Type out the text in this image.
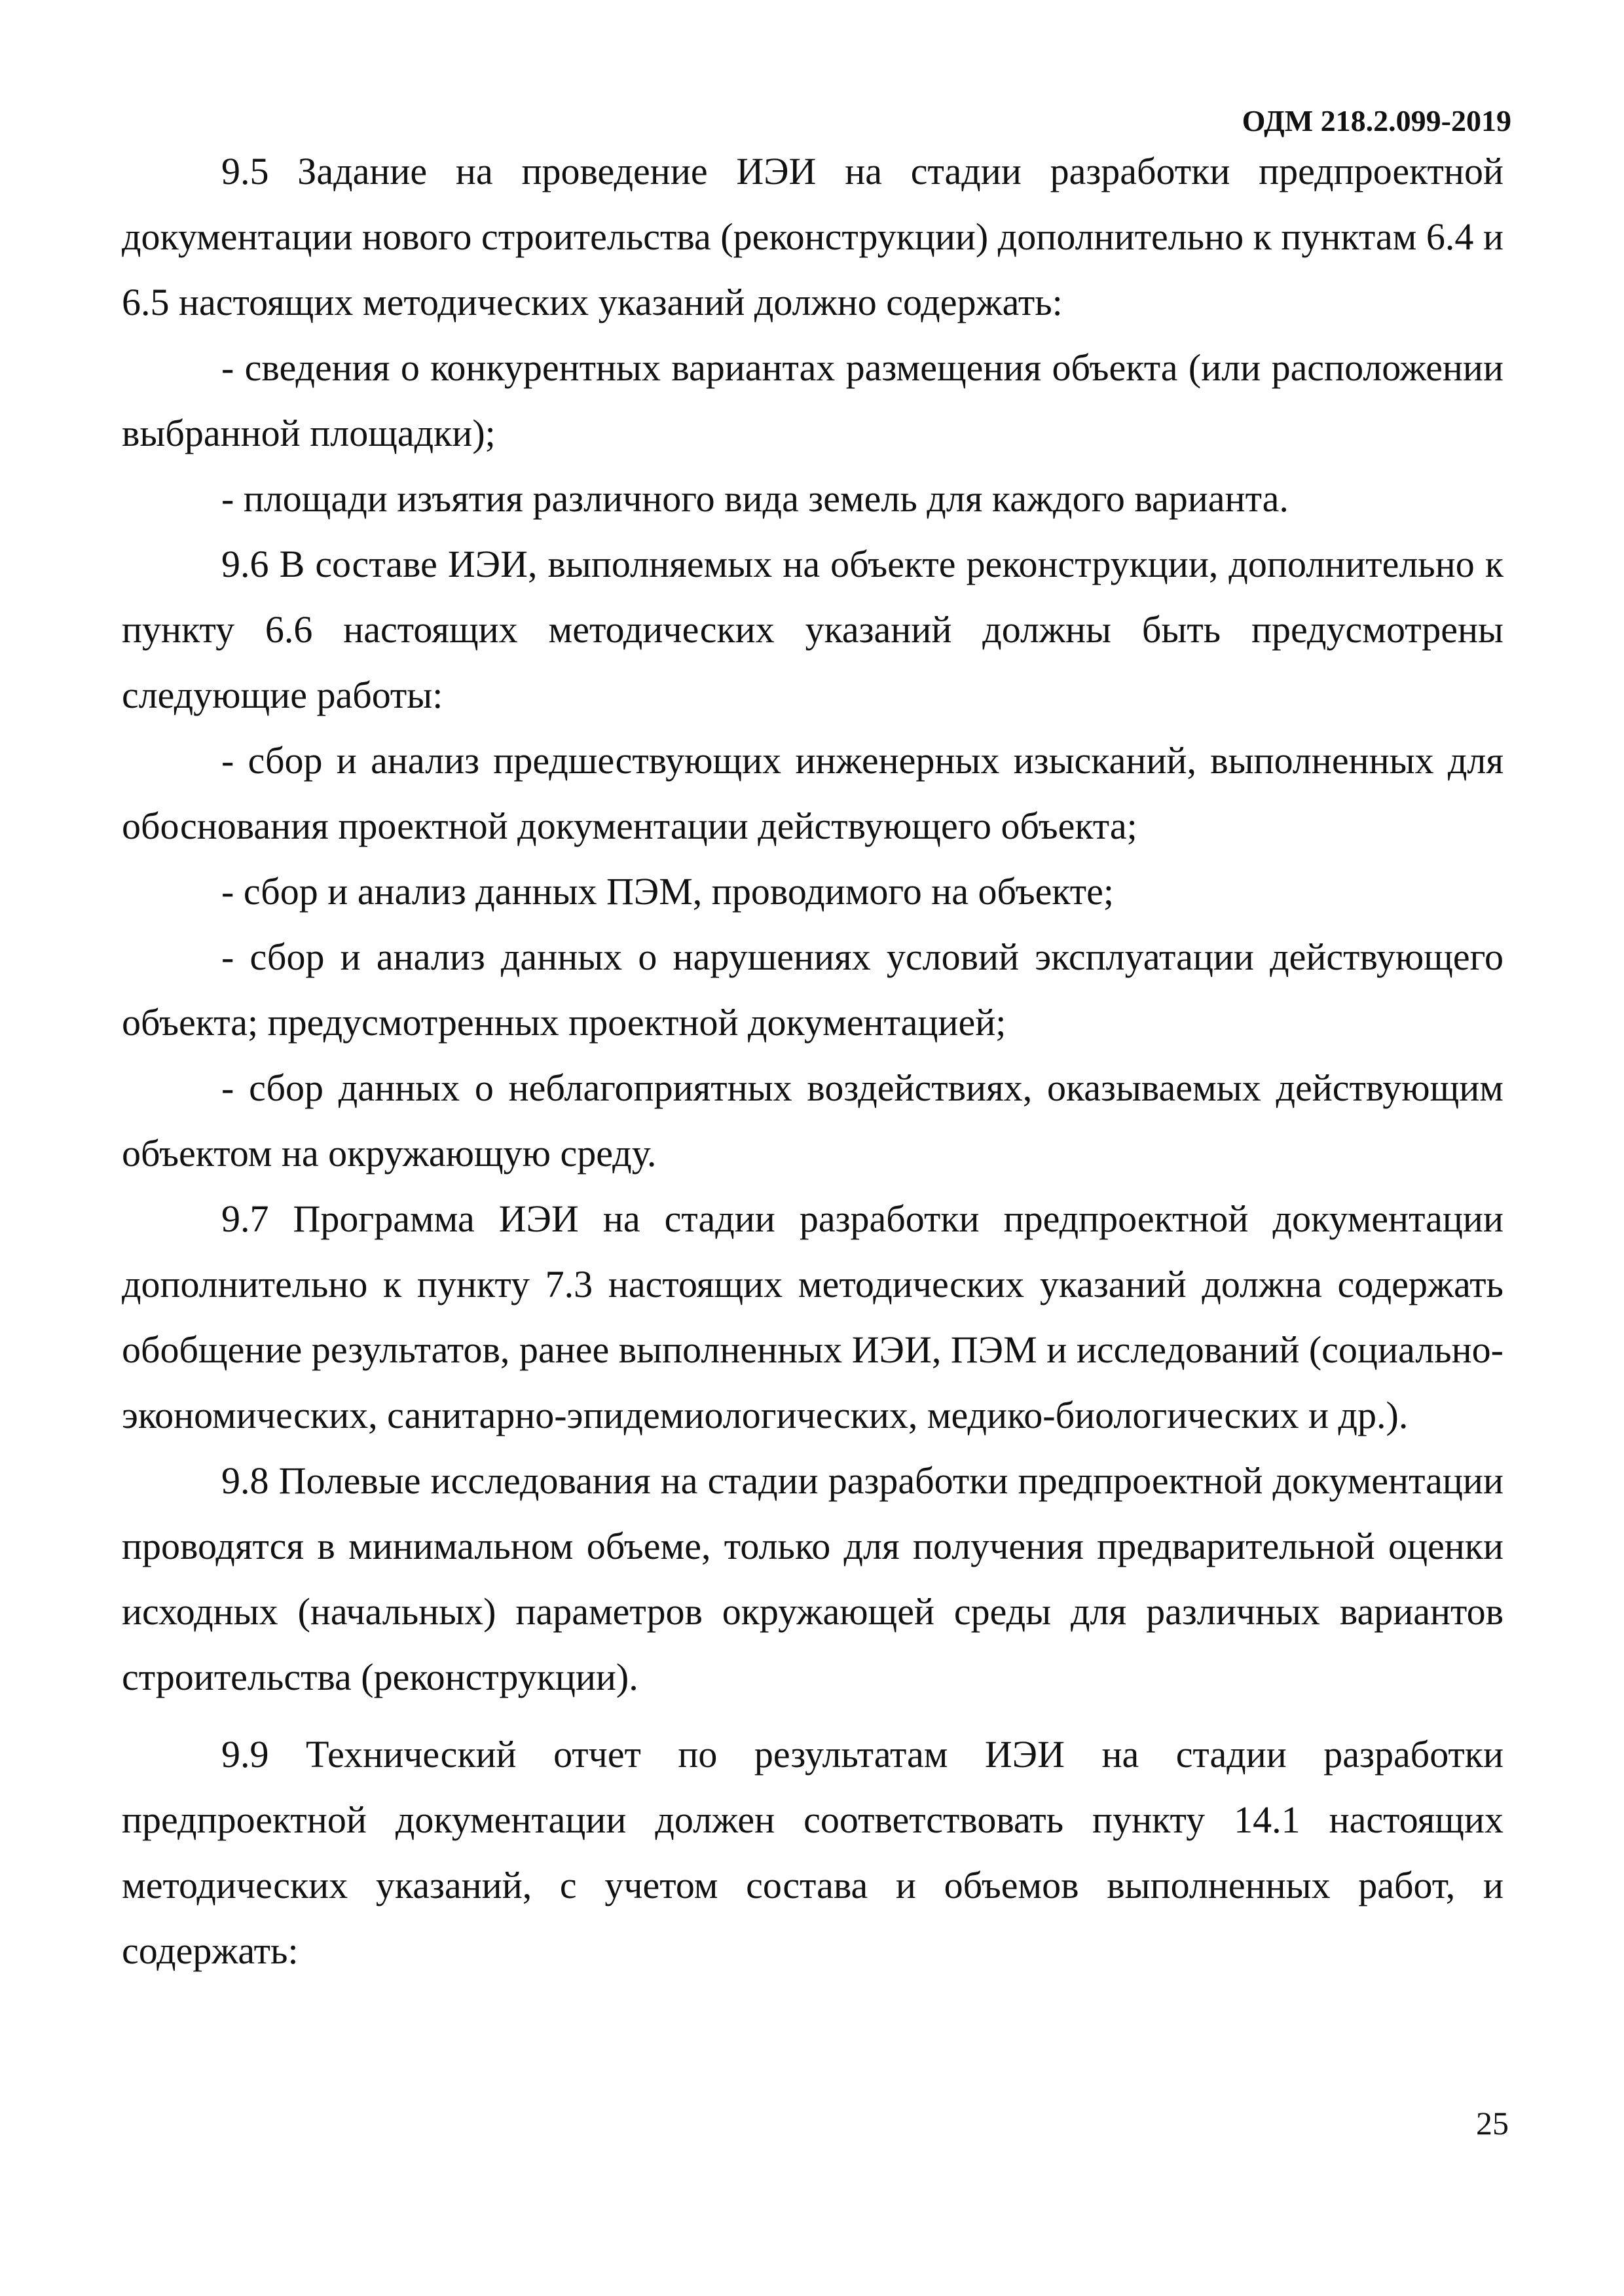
ОДМ 218.2.099-2019

9.5 Задание на проведение ИЭИ на стадии разработки предпроектной документации нового строительства (реконструкции) дополнительно к пунктам 6.4 и 6.5 настоящих методических указаний должно содержать:

- сведения о конкурентных вариантах размещения объекта (или расположении выбранной площадки);

- площади изъятия различного вида земель для каждого варианта.

9.6 В составе ИЭИ, выполняемых на объекте реконструкции, дополнительно к пункту 6.6 настоящих методических указаний должны быть предусмотрены следующие работы:

- сбор и анализ предшествующих инженерных изысканий, выполненных для обоснования проектной документации действующего объекта;

- сбор и анализ данных ПЭМ, проводимого на объекте;

- сбор и анализ данных о нарушениях условий эксплуатации действующего объекта; предусмотренных проектной документацией;

- сбор данных о неблагоприятных воздействиях, оказываемых действующим объектом на окружающую среду.

9.7 Программа ИЭИ на стадии разработки предпроектной документации дополнительно к пункту 7.3 настоящих методических указаний должна содержать обобщение результатов, ранее выполненных ИЭИ, ПЭМ и исследований (социально-экономических, санитарно-эпидемиологических, медико-биологических и др.).

9.8 Полевые исследования на стадии разработки предпроектной документации проводятся в минимальном объеме, только для получения предварительной оценки исходных (начальных) параметров окружающей среды для различных вариантов строительства (реконструкции).

9.9 Технический отчет по результатам ИЭИ на стадии разработки предпроектной документации должен соответствовать пункту 14.1 настоящих методических указаний, с учетом состава и объемов выполненных работ, и содержать:

25
